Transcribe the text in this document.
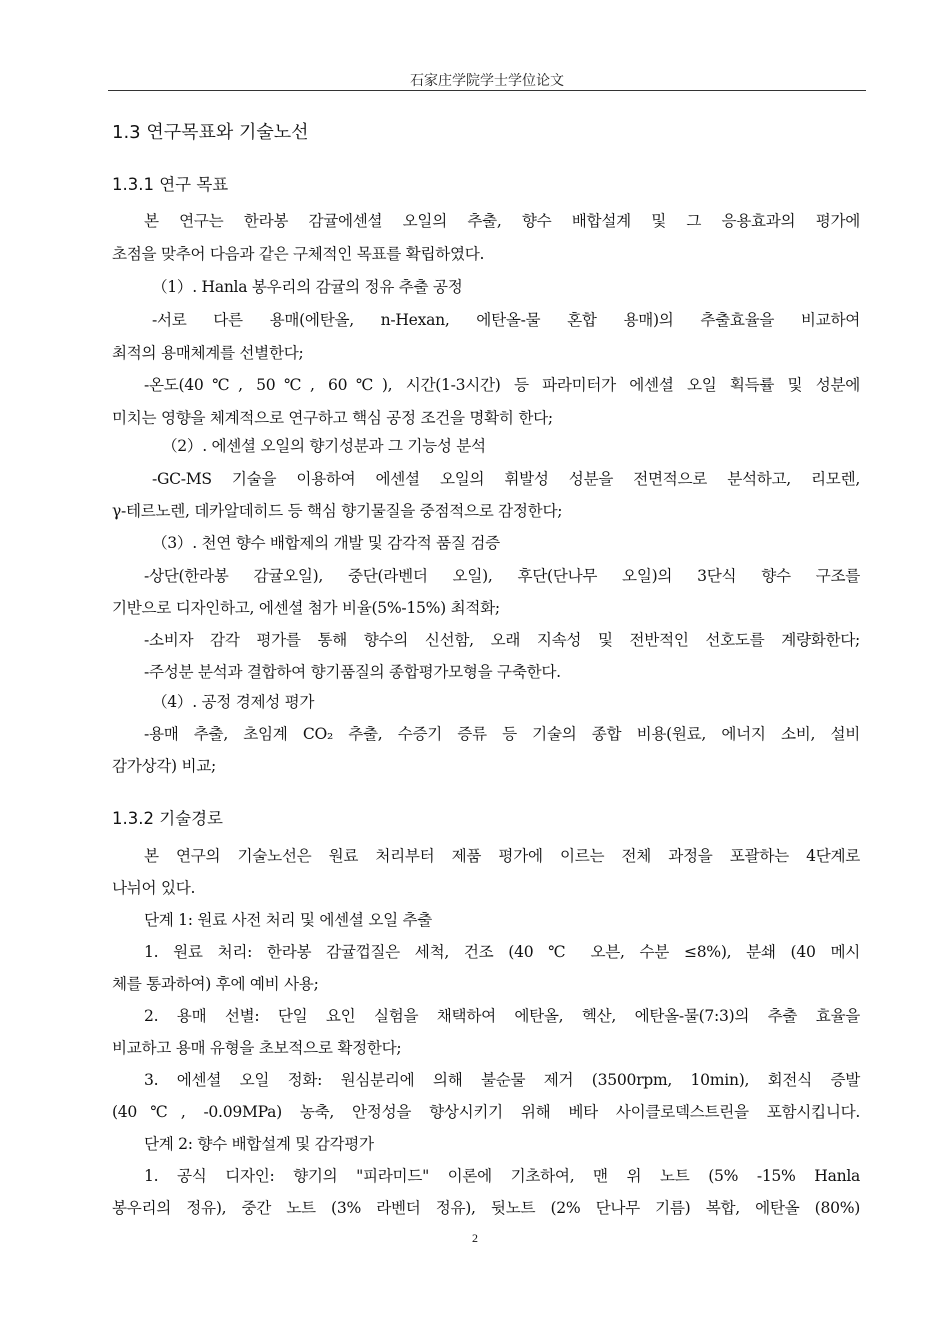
石家庄学院学士学位论文
1.3 연구목표와 기술노선
1.3.1 연구 목표
본 연구는 한라봉 감귤에센셜 오일의 추출, 향수 배합설계 및 그 응용효과의 평가에
초점을 맞추어 다음과 같은 구체적인 목표를 확립하였다.
（1）. Hanla 봉우리의 감귤의 정유 추출 공정
-서로 다른 용매(에탄올, n-Hexan, 에탄올-물 혼합 용매)의 추출효율을 비교하여
최적의 용매체계를 선별한다;
-온도(40℃, 50℃, 60℃), 시간(1-3시간) 등 파라미터가 에센셜 오일 획득률 및 성분에
미치는 영향을 체계적으로 연구하고 핵심 공정 조건을 명확히 한다;
（2）. 에센셜 오일의 향기성분과 그 기능성 분석
-GC-MS 기술을 이용하여 에센셜 오일의 휘발성 성분을 전면적으로 분석하고, 리모렌,
γ-테르노렌, 데카알데히드 등 핵심 향기물질을 중점적으로 감정한다;
（3）. 천연 향수 배합제의 개발 및 감각적 품질 검증
-상단(한라봉 감귤오일), 중단(라벤더 오일), 후단(단나무 오일)의 3단식 향수 구조를
기반으로 디자인하고, 에센셜 첨가 비율(5%-15%) 최적화;
-소비자 감각 평가를 통해 향수의 신선함, 오래 지속성 및 전반적인 선호도를 계량화한다;
-주성분 분석과 결합하여 향기품질의 종합평가모형을 구축한다.
（4）. 공정 경제성 평가
-용매 추출, 초임계 CO₂ 추출, 수증기 증류 등 기술의 종합 비용(원료, 에너지 소비, 설비
감가상각) 비교;
1.3.2 기술경로
본 연구의 기술노선은 원료 처리부터 제품 평가에 이르는 전체 과정을 포괄하는 4단계로
나뉘어 있다.
단계 1: 원료 사전 처리 및 에센셜 오일 추출
1. 원료 처리: 한라봉 감귤껍질은 세척, 건조 (40 ℃ 오븐, 수분 ≤8%), 분쇄 (40 메시
체를 통과하여) 후에 예비 사용;
2. 용매 선별: 단일 요인 실험을 채택하여 에탄올, 헥산, 에탄올-물(7:3)의 추출 효율을
비교하고 용매 유형을 초보적으로 확정한다;
3. 에센셜 오일 정화: 원심분리에 의해 불순물 제거 (3500rpm, 10min), 회전식 증발
(40℃, -0.09MPa) 농축, 안정성을 향상시키기 위해 베타 사이클로덱스트린을 포함시킵니다.
단계 2: 향수 배합설계 및 감각평가
1. 공식 디자인: 향기의 "피라미드" 이론에 기초하여, 맨 위 노트 (5% -15% Hanla
봉우리의 정유), 중간 노트 (3% 라벤더 정유), 뒷노트 (2% 단나무 기름) 복합, 에탄올 (80%)
2
